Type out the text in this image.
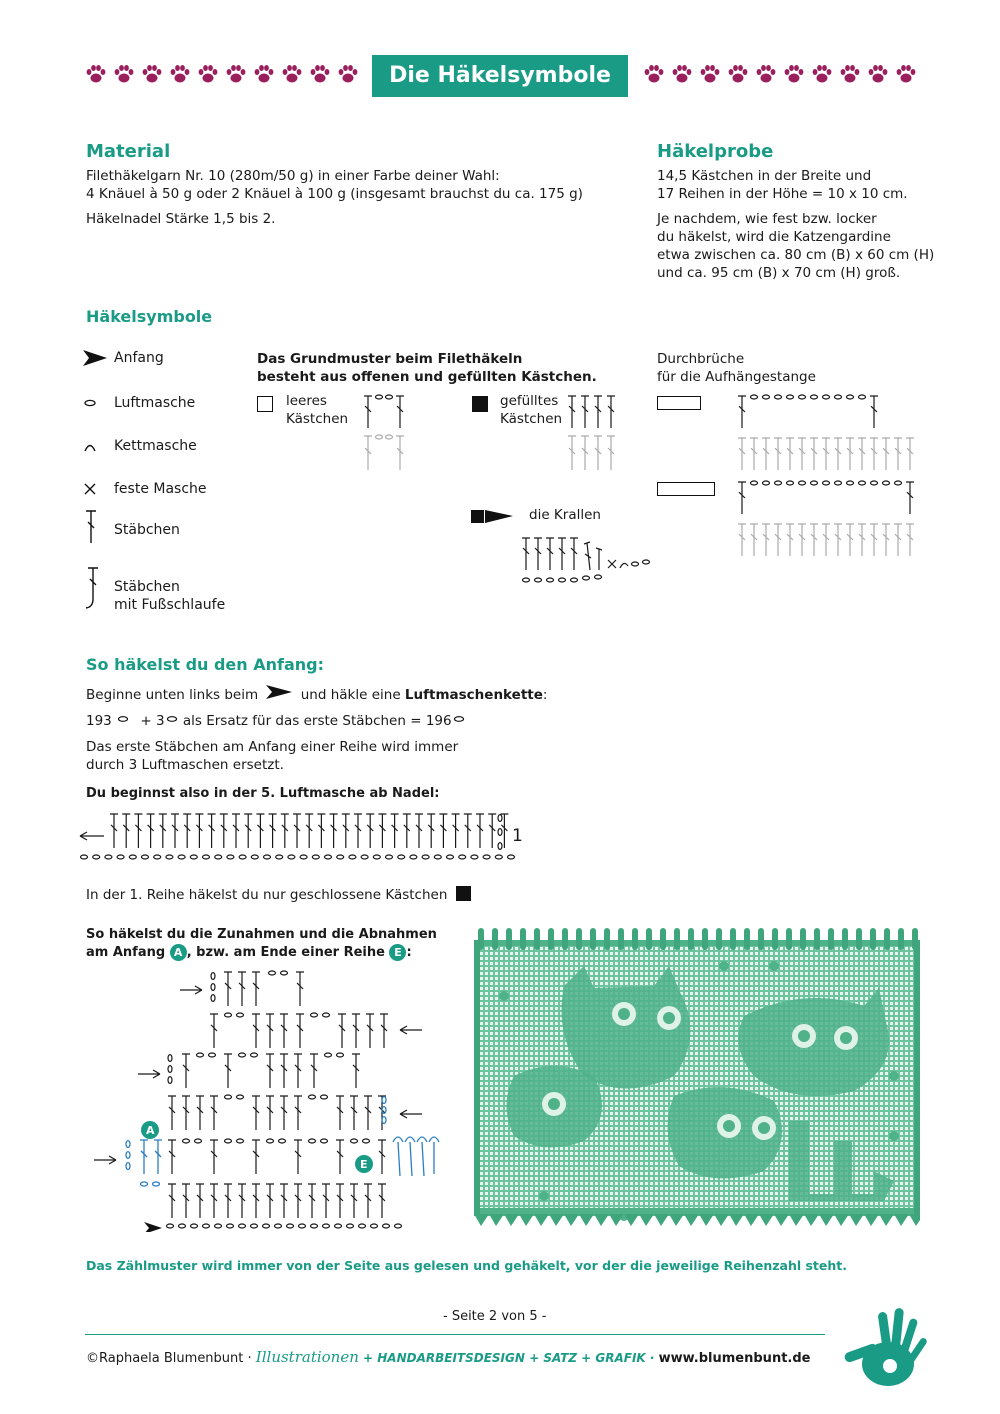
Die Häkelsymbole
Material
Filethäkelgarn Nr. 10 (280m/50 g) in einer Farbe deiner Wahl:
4 Knäuel à 50 g oder 2 Knäuel à 100 g (insgesamt brauchst du ca. 175 g)
Häkelnadel Stärke 1,5 bis 2.
Häkelprobe
14,5 Kästchen in der Breite und
17 Reihen in der Höhe = 10 x 10 cm.
Je nachdem, wie fest bzw. locker
du häkelst, wird die Katzengardine
etwa zwischen ca. 80 cm (B) x 60 cm (H)
und ca. 95 cm (B) x 70 cm (H) groß.
Häkelsymbole
Anfang
Luftmasche
Kettmasche
feste Masche
Stäbchen
Stäbchen
mit Fußschlaufe
Das Grundmuster beim Filethäkeln
besteht aus offenen und gefüllten Kästchen.
leeres
Kästchen
gefülltes
Kästchen
die Krallen
Durchbrüche
für die Aufhängestange
So häkelst du den Anfang:
Beginne unten links beim	und häkle eine Luftmaschenkette:
193 + 3 als Ersatz für das erste Stäbchen = 196
Das erste Stäbchen am Anfang einer Reihe wird immer
durch 3 Luftmaschen ersetzt.
Du beginnst also in der 5. Luftmasche ab Nadel:
1
In der 1. Reihe häkelst du nur geschlossene Kästchen
So häkelst du die Zunahmen und die Abnahmen
am Anfang A , bzw. am Ende einer Reihe E :
A
E
Das Zählmuster wird immer von der Seite aus gelesen und gehäkelt, vor der die jeweilige Reihenzahl steht.
- Seite 2 von 5 -
©Raphaela Blumenbunt · Illustrationen + HANDARBEITSDESIGN + SATZ + GRAFIK · www.blumenbunt.de
